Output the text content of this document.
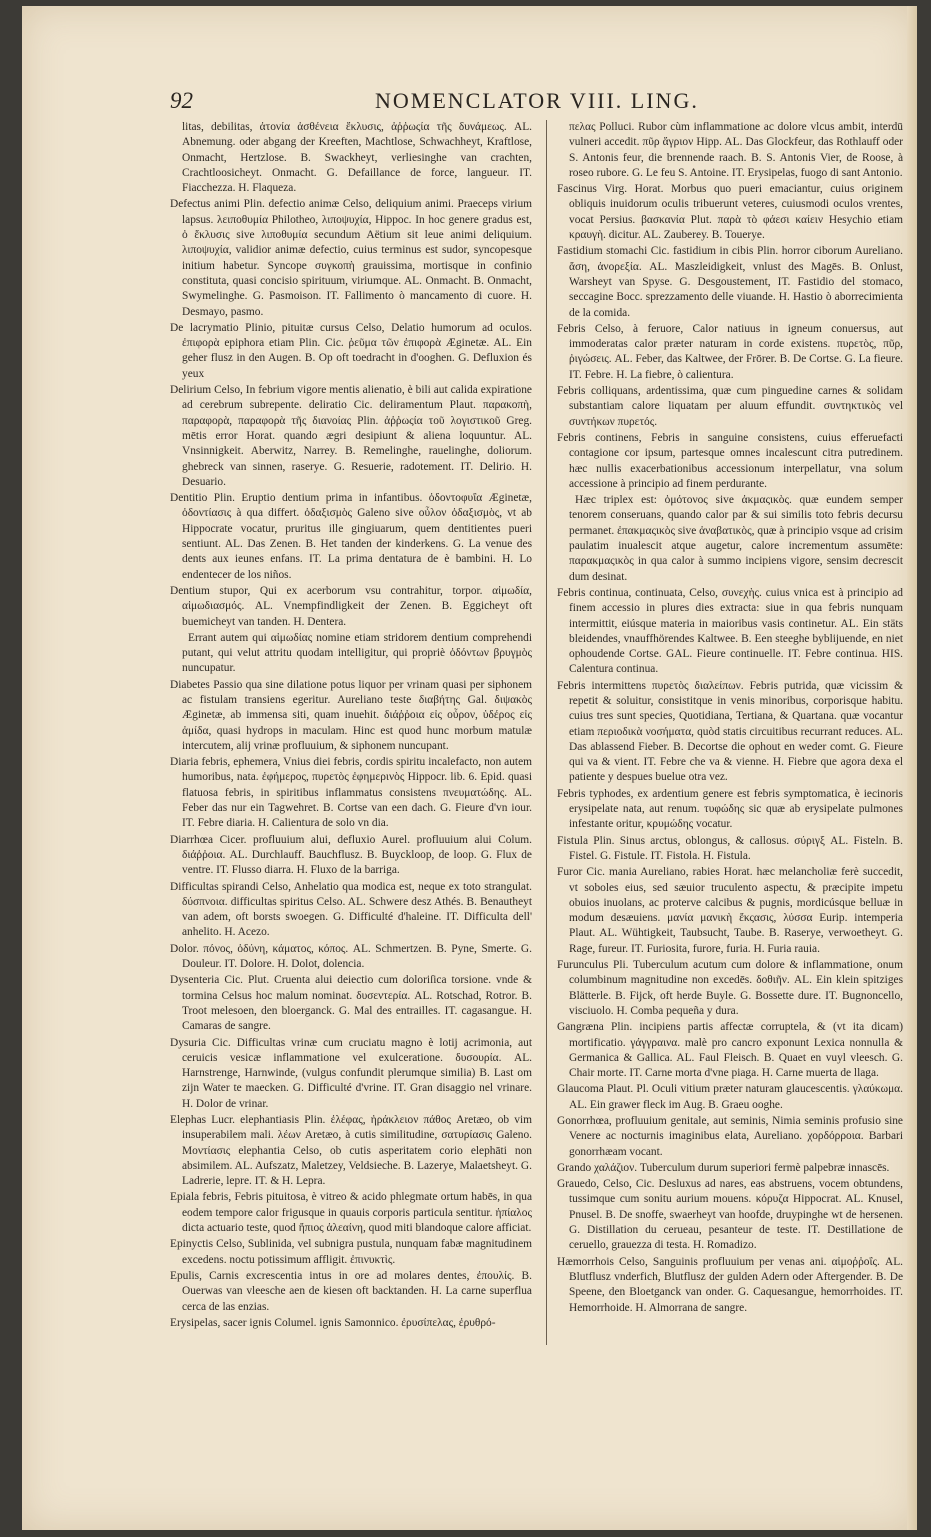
92	NOMENCLATOR VIII. LING.

litas, debilitas, ἀτονία ἀσθένεια ἔκλυσις, ἀῤῥωςία τῆς δυνάμεως. AL. Abnemung. oder abgang der Kreeften, Machtlose, Schwachheyt, Kraftlose, Onmacht, Hertzlose. B. Swackheyt, verliesinghe van crachten, Crachtloosicheyt. Onmacht. G. Defaillance de force, langueur. IT. Fiacchezza. H. Flaqueza.

Defectus animi Plin. defectio animæ Celso, deliquium animi. Praeceps virium lapsus. λειποθυμία Philotheo, λιποψυχία, Hippoc. In hoc genere gradus est, ὁ ἔκλυσις sive λιποθυμία secundum Aëtium sit leue animi deliquium. λιποψυχία, validior animæ defectio, cuius terminus est sudor, syncopesque initium habetur. Syncope συγκοπὴ grauissima, mortisque in confinio constituta, quasi concisio spirituum, viriumque. AL. Onmacht. B. Onmacht, Swymelinghe. G. Pasmoison. IT. Fallimento ò mancamento di cuore. H. Desmayo, pasmo.

De lacrymatio Plinio, pituitæ cursus Celso, Delatio humorum ad oculos. ἐπιφορὰ epiphora etiam Plin. Cic. ῥεῦμα τῶν ἐπιφορὰ Æginetæ. AL. Ein geher flusz in den Augen. B. Op oft toedracht in d'ooghen. G. Defluxion és yeux

Delirium Celso, In febrium vigore mentis alienatio, è bili aut calida expiratione ad cerebrum subrepente. deliratio Cic. deliramentum Plaut. παρακοπὴ, παραφορὰ, παραφορὰ τῆς διανοίας Plin. ἀῤῥωςία τοῦ λογιστικοῦ Greg. mētis error Horat. quando ægri desipiunt & aliena loquuntur. AL. Vnsinnigkeit. Aberwitz, Narrey. B. Remelinghe, rauelinghe, doliorum. ghebreck van sinnen, raserye. G. Resuerie, radotement. IT. Delirio. H. Desuario.

Dentitio Plin. Eruptio dentium prima in infantibus. ὀδοντοφυΐα Æginetæ, ὀδοντίασις à qua differt. ὀδαξισμὸς Galeno sive οὖλον ὀδαξισμὸς, vt ab Hippocrate vocatur, pruritus ille gingiuarum, quem dentitientes pueri sentiunt. AL. Das Zenen. B. Het tanden der kinderkens. G. La venue des dents aux ieunes enfans. IT. La prima dentatura de è bambini. H. Lo endentecer de los niños.

Dentium stupor, Qui ex acerborum vsu contrahitur, torpor. αἱμωδία, αἱμωδιασμός. AL. Vnempfindligkeit der Zenen. B. Eggicheyt oft buemicheyt van tanden. H. Dentera.

Errant autem qui αἱμωδίας nomine etiam stridorem dentium comprehendi putant, qui velut attritu quodam intelligitur, qui propriè ὀδόντων βρυγμὸς nuncupatur.

Diabetes Passio qua sine dilatione potus liquor per vrinam quasi per siphonem ac fistulam transiens egeritur. Aureliano teste διαβήτης Gal. διψακὸς Æginetæ, ab immensa siti, quam inuehit. διάῤῥοια εἰς οὖρον, ὑδέρος εἰς ἀμίδα, quasi hydrops in maculam. Hinc est quod hunc morbum matulæ intercutem, alij vrinæ profluuium, & siphonem nuncupant.

Diaria febris, ephemera, Vnius diei febris, cordis spiritu incalefacto, non autem humoribus, nata. ἐφήμερος, πυρετὸς ἐφημερινὸς Hippocr. lib. 6. Epid. quasi flatuosa febris, in spiritibus inflammatus consistens πνευματώδης. AL. Feber das nur ein Tagwehret. B. Cortse van een dach. G. Fieure d'vn iour. IT. Febre diaria. H. Calientura de solo vn dia.

Diarrhœa Cicer. profluuium alui, defluxio Aurel. profluuium alui Colum. διάῤῥοια. AL. Durchlauff. Bauchflusz. B. Buyckloop, de loop. G. Flux de ventre. IT. Flusso diarra. H. Fluxo de la barriga.

Difficultas spirandi Celso, Anhelatio qua modica est, neque ex toto strangulat. δύσπνοια. difficultas spiritus Celso. AL. Schwere desz Athés. B. Benautheyt van adem, oft borsts swoegen. G. Difficulté d'haleine. IT. Difficulta dell' anhelito. H. Acezo.

Dolor. πόνος, ὀδύνη, κάματος, κόπος. AL. Schmertzen. B. Pyne, Smerte. G. Douleur. IT. Dolore. H. Dolot, dolencia.

Dysenteria Cic. Plut. Cruenta alui deiectio cum doloriſica torsione. vnde & tormina Celsus hoc malum nominat. δυσεντερία. AL. Rotschad, Rotror. B. Troot melesoen, den bloerganck. G. Mal des entrailles. IT. cagasangue. H. Camaras de sangre.

Dysuria Cic. Difficultas vrinæ cum cruciatu magno è lotij acrimonia, aut ceruicis vesicæ inflammatione vel exulceratione. δυσουρία. AL. Harnstrenge, Harnwinde, (vulgus confundit plerumque similia) B. Last om zijn Water te maecken. G. Difficulté d'vrine. IT. Gran disaggio nel vrinare. H. Dolor de vrinar.

Elephas Lucr. elephantiasis Plin. ἐλέφας, ἡράκλειον πάθος Aretæo, ob vim insuperabilem mali. λέων Aretæo, à cutis similitudine, σατυρίασις Galeno. Μοντίασις elephantia Celso, ob cutis asperitatem corio elephāti non absimilem. AL. Aufszatz, Maletzey, Veldsieche. B. Lazerye, Malaetsheyt. G. Ladrerie, lepre. IT. & H. Lepra.

Epiala febris, Febris pituitosa, è vitreo & acido phlegmate ortum habēs, in qua eodem tempore calor frigusque in quauis corporis particula sentitur. ἠπίαλος dicta actuario teste, quod ἤπιος ἀλεαίνη, quod miti blandoque calore afficiat.

Epinyctis Celso, Sublinida, vel subnigra pustula, nunquam fabæ magnitudinem excedens. noctu potissimum affligit. ἐπινυκτὶς.

Epulis, Carnis excrescentia intus in ore ad molares dentes, ἐπουλίς. B. Ouerwas van vleesche aen de kiesen oft backtanden. H. La carne superflua cerca de las enzias.

Erysipelas, sacer ignis Columel. ignis Samonnico. ἐρυσίπελας, ἐρυθρό-

πελας Polluci. Rubor cùm inflammatione ac dolore vlcus ambit, interdū vulneri accedit. πῦρ ἄγριον Hipp. AL. Das Glockfeur, das Rothlauff oder S. Antonis feur, die brennende raach. B. S. Antonis Vier, de Roose, à roseo rubore. G. Le feu S. Antoine. IT. Erysipelas, fuogo di sant Antonio.

Fascinus Virg. Horat. Morbus quo pueri emaciantur, cuius originem obliquis inuidorum oculis tribuerunt veteres, cuiusmodi oculos vrentes, vocat Persius. βασκανία Plut. παρὰ τὸ φάεσι καίειν Hesychio etiam κραυγὴ. dicitur. AL. Zauberey. B. Touerye.

Fastidium stomachi Cic. fastidium in cibis Plin. horror ciborum Aureliano. ἄση, ἀνορεξία. AL. Maszleidigkeit, vnlust des Magēs. B. Onlust, Warsheyt van Spyse. G. Desgoustement, IT. Fastidio del stomaco, seccagine Bocc. sprezzamento delle viuande. H. Hastio ò aborrecimienta de la comida.

Febris Celso, à feruore, Calor natiuus in igneum conuersus, aut immoderatas calor præter naturam in corde existens. πυρετὸς, πῦρ, ῥιγώσεις. AL. Feber, das Kaltwee, der Frōrer. B. De Cortse. G. La fieure. IT. Febre. H. La fiebre, ò calientura.

Febris colliquans, ardentissima, quæ cum pinguedine carnes & solidam substantiam calore liquatam per aluum effundit. συντηκτικὸς vel συντήκων πυρετός.

Febris continens, Febris in sanguine consistens, cuius efferuefacti contagione cor ipsum, partesque omnes incalescunt citra putredinem. hæc nullis exacerbationibus accessionum interpellatur, vna solum accessione à principio ad finem perdurante.

Hæc triplex est: ὁμότονος sive ἀκμαςικὸς. quæ eundem semper tenorem conseruans, quando calor par & sui similis toto febris decursu permanet. ἐπακμαςικὸς sive ἀναβατικὸς, quæ à principio vsque ad crisim paulatim inualescit atque augetur, calore incrementum assumēte: παρακμαςικὸς in qua calor à summo incipiens vigore, sensim decrescit dum desinat.

Febris continua, continuata, Celso, συνεχὴς. cuius vnica est à principio ad finem accessio in plures dies extracta: siue in qua febris nunquam intermittit, eiúsque materia in maioribus vasis continetur. AL. Ein stäts bleidendes, vnauffhörendes Kaltwee. B. Een steeghe byblijuende, en niet ophoudende Cortse. GAL. Fieure continuelle. IT. Febre continua. HIS. Calentura continua.

Febris intermittens πυρετὸς διαλείπων. Febris putrida, quæ vicissim & repetit & soluitur, consistitque in venis minoribus, corporisque habitu. cuius tres sunt species, Quotidiana, Tertiana, & Quartana. quæ vocantur etiam περιοδικὰ νοσήματα, quòd statis circuitibus recurrant reduces. AL. Das ablassend Fieber. B. Decortse die ophout en weder comt. G. Fieure qui va & vient. IT. Febre che va & vienne. H. Fiebre que agora dexa el patiente y despues buelue otra vez.

Febris typhodes, ex ardentium genere est febris symptomatica, è iecinoris erysipelate nata, aut renum. τυφώδης sic quæ ab erysipelate pulmones infestante oritur, κρυμώδης vocatur.

Fistula Plin. Sinus arctus, oblongus, & callosus. σύριγξ AL. Fisteln. B. Fistel. G. Fistule. IT. Fistola. H. Fistula.

Furor Cic. mania Aureliano, rabies Horat. hæc melancholiæ ferè succedit, vt soboles eius, sed sæuior truculento aspectu, & præcipite impetu obuios inuolans, ac proterve calcibus & pugnis, mordicúsque belluæ in modum desæuiens. μανία μανικὴ ἔκςασις, λύσσα Eurip. intemperia Plaut. AL. Wühtigkeit, Taubsucht, Taube. B. Raserye, verwoetheyt. G. Rage, fureur. IT. Furiosita, furore, furia. H. Furia rauia.

Furunculus Pli. Tuberculum acutum cum dolore & inflammatione, onum columbinum magnitudine non excedēs. δοθιῆν. AL. Ein klein spitziges Blätterle. B. Fijck, oft herde Buyle. G. Bossette dure. IT. Bugnoncello, visciuolo. H. Comba pequeña y dura.

Gangræna Plin. incipiens partis affectæ corruptela, & (vt ita dicam) mortificatio. γάγγραινα. malè pro cancro exponunt Lexica nonnulla & Germanica & Gallica. AL. Faul Fleisch. B. Quaet en vuyl vleesch. G. Chair morte. IT. Carne morta d'vne piaga. H. Carne muerta de llaga.

Glaucoma Plaut. Pl. Oculi vitium præter naturam glaucescentis. γλαύκωμα. AL. Ein grawer fleck im Aug. B. Graeu ooghe.

Gonorrhœa, profluuium genitale, aut seminis, Nimia seminis profusio sine Venere ac nocturnis imaginibus elata, Aureliano. χορδόρροια. Barbari gonorrhæam vocant.

Grando χαλάζιον. Tuberculum durum superiori fermè palpebræ innascēs.

Grauedo, Celso, Cic. Desluxus ad nares, eas abstruens, vocem obtundens, tussimque cum sonitu aurium mouens. κόρυζα Hippocrat. AL. Knusel, Pnusel. B. De snoffe, swaerheyt van hoofde, druypinghe wt de hersenen. G. Distillation du cerueau, pesanteur de teste. IT. Destillatione de ceruello, grauezza di testa. H. Romadizo.

Hæmorrhois Celso, Sanguinis profluuium per venas ani. αἱμοῤῥοΐς. AL. Blutflusz vnderfich, Blutflusz der gulden Adern oder Aftergender. B. De Speene, den Bloetganck van onder. G. Caquesangue, hemorrhoides. IT. Hemorrhoide. H. Almorrana de sangre.
